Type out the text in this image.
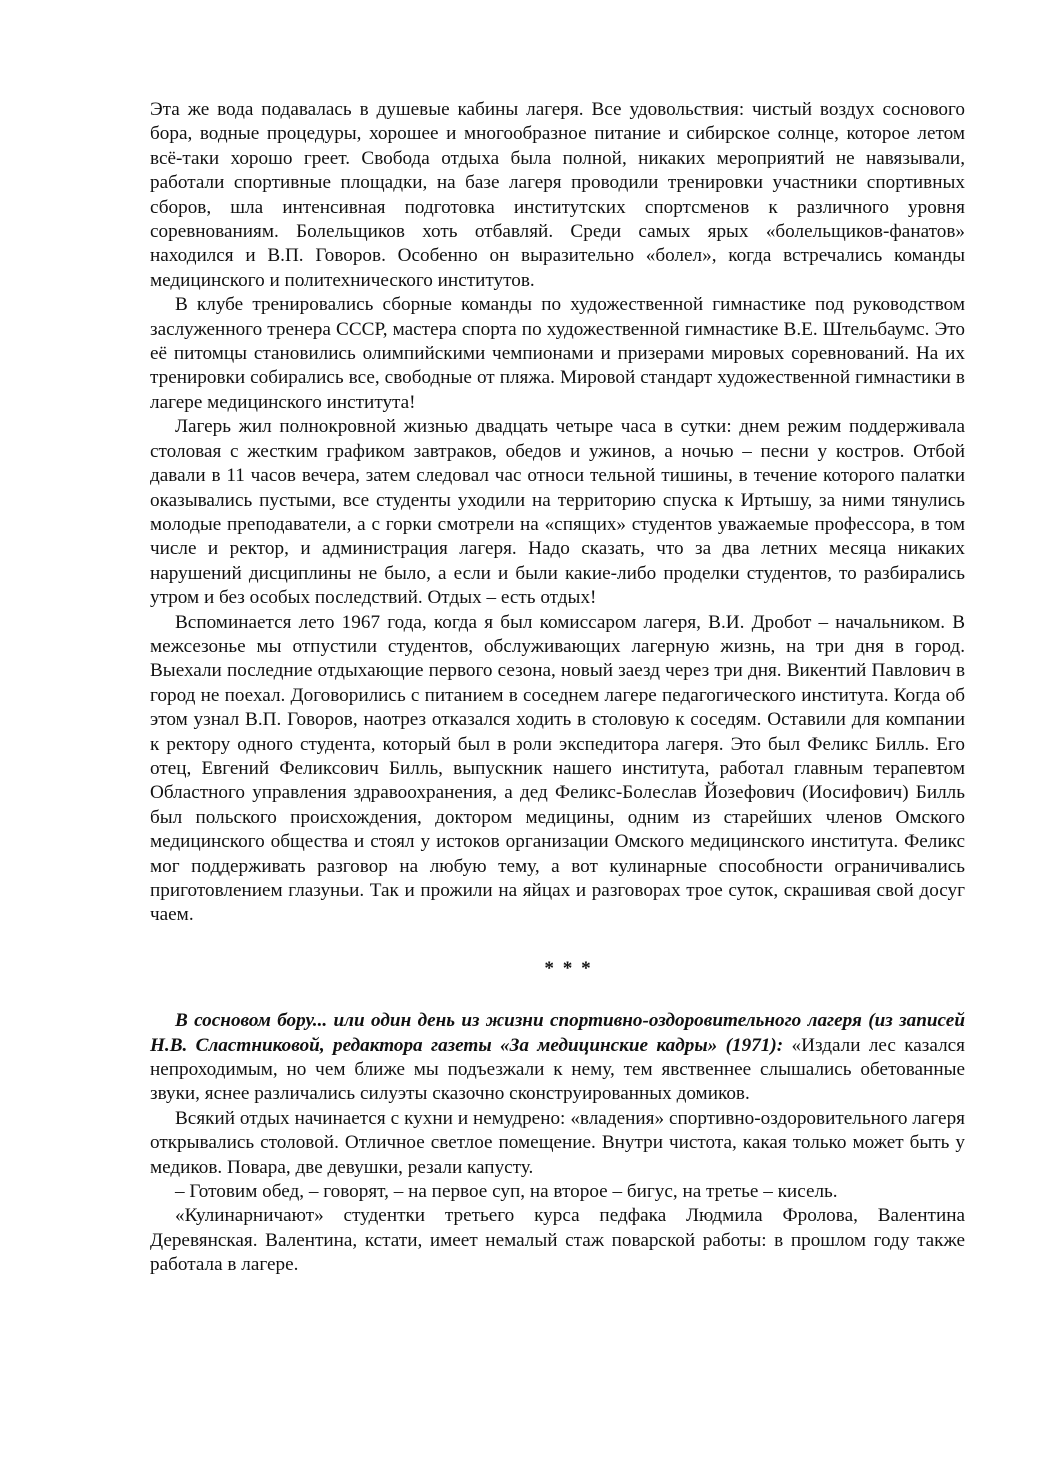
Эта же вода подавалась в душевые кабины лагеря. Все удовольствия: чистый воздух соснового бора, водные процедуры, хорошее и многообразное питание и сибирское солнце, которое летом всё-таки хорошо греет. Свобода отдыха была полной, никаких мероприятий не навязывали, работали спортивные площадки, на базе лагеря проводили тренировки участники спортивных сборов, шла интенсивная подготовка институтских спортсменов к различного уровня соревнованиям. Болельщиков хоть отбавляй. Среди самых ярых «болельщиков-фанатов» находился и В.П. Говоров. Особенно он выразительно «болел», когда встречались команды медицинского и политехнического институтов.

В клубе тренировались сборные команды по художественной гимнастике под руководством заслуженного тренера СССР, мастера спорта по художественной гимнастике В.Е. Штельбаумс. Это её питомцы становились олимпийскими чемпионами и призерами мировых соревнований. На их тренировки собирались все, свободные от пляжа. Мировой стандарт художественной гимнастики в лагере медицинского института!

Лагерь жил полнокровной жизнью двадцать четыре часа в сутки: днем режим поддерживала столовая с жестким графиком завтраков, обедов и ужинов, а ночью – песни у костров. Отбой давали в 11 часов вечера, затем следовал час относи тельной тишины, в течение которого палатки оказывались пустыми, все студенты уходили на территорию спуска к Иртышу, за ними тянулись молодые преподаватели, а с горки смотрели на «спящих» студентов уважаемые профессора, в том числе и ректор, и администрация лагеря. Надо сказать, что за два летних месяца никаких нарушений дисциплины не было, а если и были какие-либо проделки студентов, то разбирались утром и без особых последствий. Отдых – есть отдых!

Вспоминается лето 1967 года, когда я был комиссаром лагеря, В.И. Дробот – начальником. В межсезонье мы отпустили студентов, обслуживающих лагерную жизнь, на три дня в город. Выехали последние отдыхающие первого сезона, новый заезд через три дня. Викентий Павлович в город не поехал. Договорились с питанием в соседнем лагере педагогического института. Когда об этом узнал В.П. Говоров, наотрез отказался ходить в столовую к соседям. Оставили для компании к ректору одного студента, который был в роли экспедитора лагеря. Это был Феликс Билль. Его отец, Евгений Феликсович Билль, выпускник нашего института, работал главным терапевтом Областного управления здравоохранения, а дед Феликс-Болеслав Йозефович (Иосифович) Билль был польского происхождения, доктором медицины, одним из старейших членов Омского медицинского общества и стоял у истоков организации Омского медицинского института. Феликс мог поддерживать разговор на любую тему, а вот кулинарные способности ограничивались приготовлением глазуньи. Так и прожили на яйцах и разговорах трое суток, скрашивая свой досуг чаем.

* * *

В сосновом бору... или один день из жизни спортивно-оздоровительного лагеря (из записей Н.В. Сластниковой, редактора газеты «За медицинские кадры» (1971): «Издали лес казался непроходимым, но чем ближе мы подъезжали к нему, тем явственнее слышались обетованные звуки, яснее различались силуэты сказочно сконструированных домиков.

Всякий отдых начинается с кухни и немудрено: «владения» спортивно-оздоровительного лагеря открывались столовой. Отличное светлое помещение. Внутри чистота, какая только может быть у медиков. Повара, две девушки, резали капусту.

– Готовим обед, – говорят, – на первое суп, на второе – бигус, на третье – кисель.

«Кулинарничают» студентки третьего курса педфака Людмила Фролова, Валентина Деревянская. Валентина, кстати, имеет немалый стаж поварской работы: в прошлом году также работала в лагере.
